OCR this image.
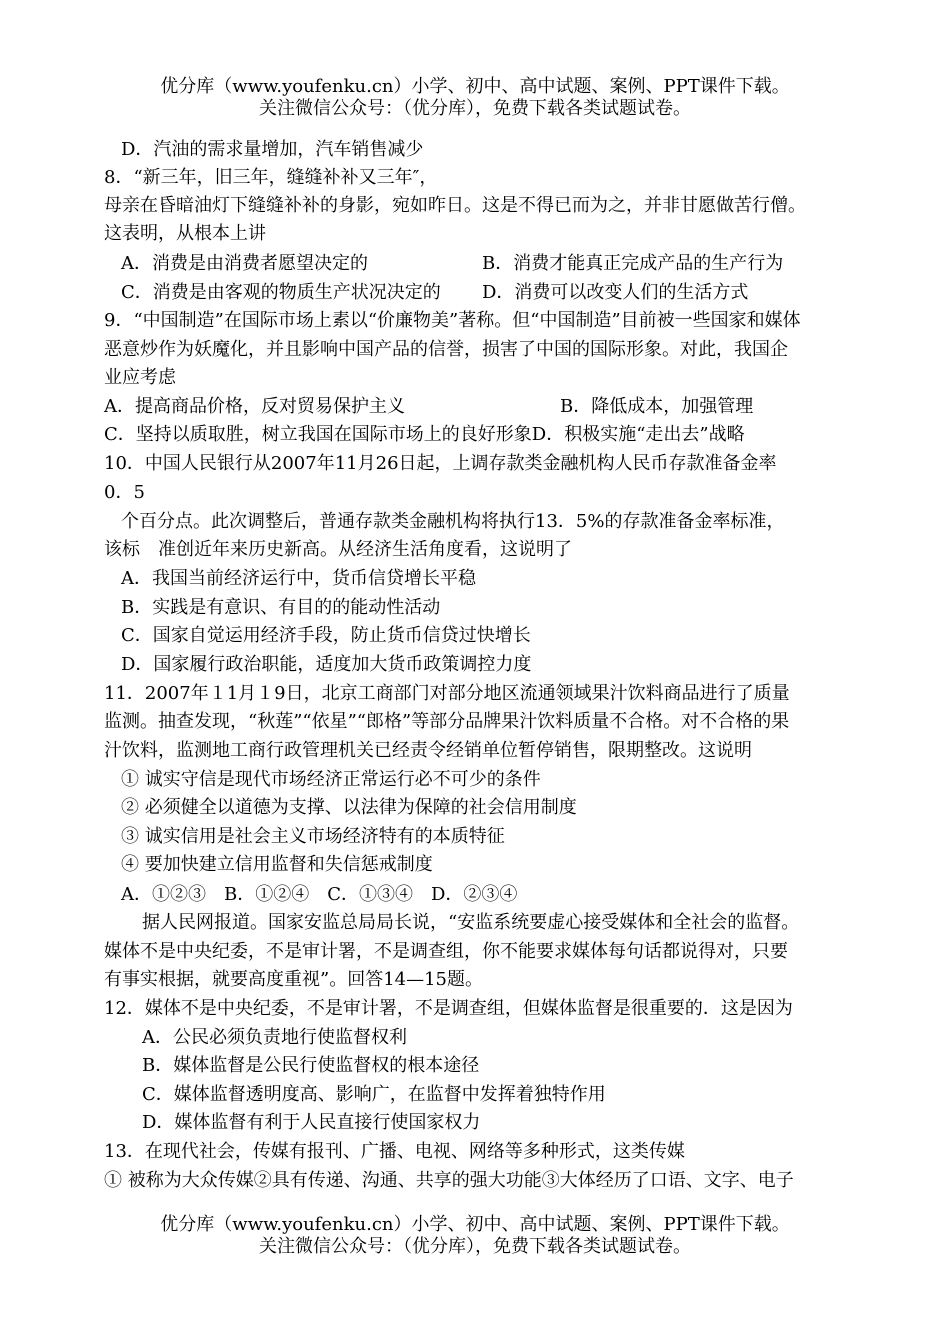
优分库（www.youfenku.cn）小学、初中、高中试题、案例、PPT课件下载。
关注微信公众号：（优分库），免费下载各类试题试卷。
D．汽油的需求量增加，汽车销售减少
8．“新三年，旧三年，缝缝补补又三年″，
母亲在昏暗油灯下缝缝补补的身影，宛如昨日。这是不得已而为之，并非甘愿做苦行僧。
这表明，从根本上讲
A．消费是由消费者愿望决定的	B．消费才能真正完成产品的生产行为
C．消费是由客观的物质生产状况决定的 D．消费可以改变人们的生活方式
9．“中国制造”在国际市场上素以“价廉物美”著称。但“中国制造”目前被一些国家和媒体
恶意炒作为妖魔化，并且影响中国产品的信誉，损害了中国的国际形象。对此，我国企
业应考虑
A．提高商品价格，反对贸易保护主义	B．降低成本，加强管理
C．坚持以质取胜，树立我国在国际市场上的良好形象D．积极实施“走出去”战略
10．中国人民银行从2007年11月26日起，上调存款类金融机构人民币存款准备金率
0．5
个百分点。此次调整后，普通存款类金融机构将执行13．5%的存款准备金率标准，
该标　准创近年来历史新高。从经济生活角度看，这说明了
A．我国当前经济运行中，货币信贷增长平稳
B．实践是有意识、有目的的能动性活动
C．国家自觉运用经济手段，防止货币信贷过快增长
D．国家履行政治职能，适度加大货币政策调控力度
11．2007年１1月１9日，北京工商部门对部分地区流通领域果汁饮料商品进行了质量
监测。抽查发现，“秋莲”“依星”“郎格”等部分品牌果汁饮料质量不合格。对不合格的果
汁饮料，监测地工商行政管理机关已经责令经销单位暂停销售，限期整改。这说明
① 诚实守信是现代市场经济正常运行必不可少的条件
② 必须健全以道德为支撑、以法律为保障的社会信用制度
③ 诚实信用是社会主义市场经济特有的本质特征
④ 要加快建立信用监督和失信惩戒制度
A．①②③　B．①②④　C．①③④　D．②③④
据人民网报道。国家安监总局局长说，“安监系统要虚心接受媒体和全社会的监督。
媒体不是中央纪委，不是审计署，不是调查组，你不能要求媒体每句话都说得对，只要
有事实根据，就要高度重视”。回答14—15题。
12．媒体不是中央纪委，不是审计署，不是调查组，但媒体监督是很重要的．这是因为
A．公民必须负责地行使监督权利
B．媒体监督是公民行使监督权的根本途径
C．媒体监督透明度高、影响广，在监督中发挥着独特作用
D．媒体监督有利于人民直接行使国家权力
13．在现代社会，传媒有报刊、广播、电视、网络等多种形式，这类传媒
① 被称为大众传媒②具有传递、沟通、共享的强大功能③大体经历了口语、文字、电子
优分库（www.youfenku.cn）小学、初中、高中试题、案例、PPT课件下载。
关注微信公众号：（优分库），免费下载各类试题试卷。
